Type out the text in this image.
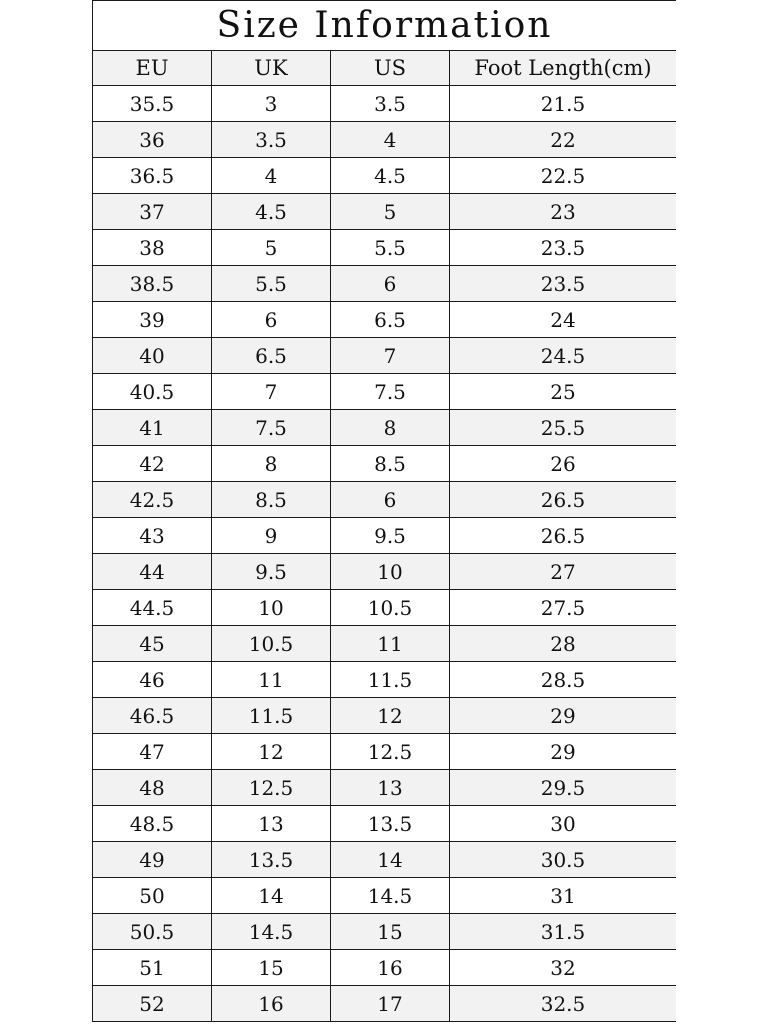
Size Information			
EU	UK	US	Foot Length(cm)
35.5	3	3.5	21.5
36	3.5	4	22
36.5	4	4.5	22.5
37	4.5	5	23
38	5	5.5	23.5
38.5	5.5	6	23.5
39	6	6.5	24
40	6.5	7	24.5
40.5	7	7.5	25
41	7.5	8	25.5
42	8	8.5	26
42.5	8.5	6	26.5
43	9	9.5	26.5
44	9.5	10	27
44.5	10	10.5	27.5
45	10.5	11	28
46	11	11.5	28.5
46.5	11.5	12	29
47	12	12.5	29
48	12.5	13	29.5
48.5	13	13.5	30
49	13.5	14	30.5
50	14	14.5	31
50.5	14.5	15	31.5
51	15	16	32
52	16	17	32.5
